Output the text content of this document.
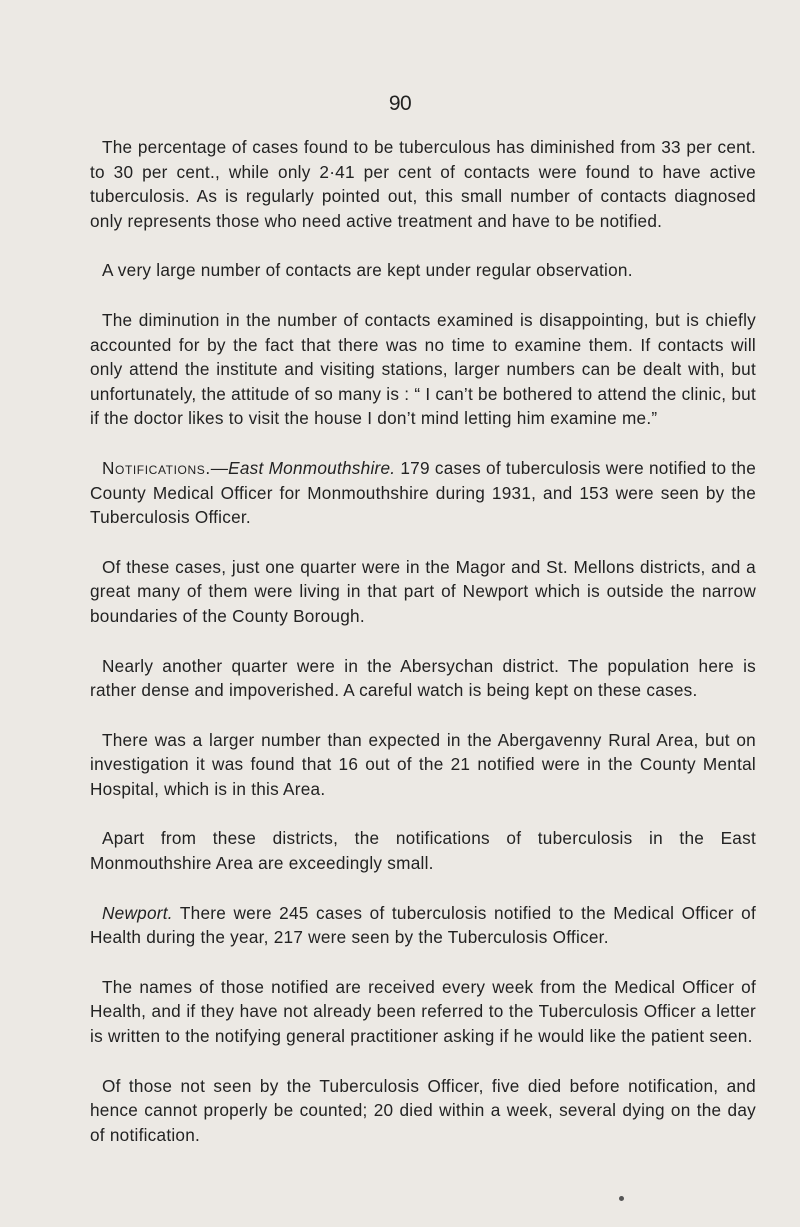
90

The percentage of cases found to be tuberculous has diminished from 33 per cent. to 30 per cent., while only 2·41 per cent of contacts were found to have active tuberculosis. As is regularly pointed out, this small number of contacts diagnosed only represents those who need active treatment and have to be notified.

A very large number of contacts are kept under regular observation.

The diminution in the number of contacts examined is disappointing, but is chiefly accounted for by the fact that there was no time to examine them. If contacts will only attend the institute and visiting stations, larger numbers can be dealt with, but unfortunately, the attitude of so many is : “ I can’t be bothered to attend the clinic, but if the doctor likes to visit the house I don’t mind letting him examine me.”

Notifications.—East Monmouthshire. 179 cases of tuberculosis were notified to the County Medical Officer for Monmouthshire during 1931, and 153 were seen by the Tuberculosis Officer.

Of these cases, just one quarter were in the Magor and St. Mellons districts, and a great many of them were living in that part of Newport which is outside the narrow boundaries of the County Borough.

Nearly another quarter were in the Abersychan district. The population here is rather dense and impoverished. A careful watch is being kept on these cases.

There was a larger number than expected in the Abergavenny Rural Area, but on investigation it was found that 16 out of the 21 notified were in the County Mental Hospital, which is in this Area.

Apart from these districts, the notifications of tuberculosis in the East Monmouthshire Area are exceedingly small.

Newport. There were 245 cases of tuberculosis notified to the Medical Officer of Health during the year, 217 were seen by the Tuberculosis Officer.

The names of those notified are received every week from the Medical Officer of Health, and if they have not already been referred to the Tuberculosis Officer a letter is written to the notifying general practitioner asking if he would like the patient seen.

Of those not seen by the Tuberculosis Officer, five died before notification, and hence cannot properly be counted; 20 died within a week, several dying on the day of notification.
